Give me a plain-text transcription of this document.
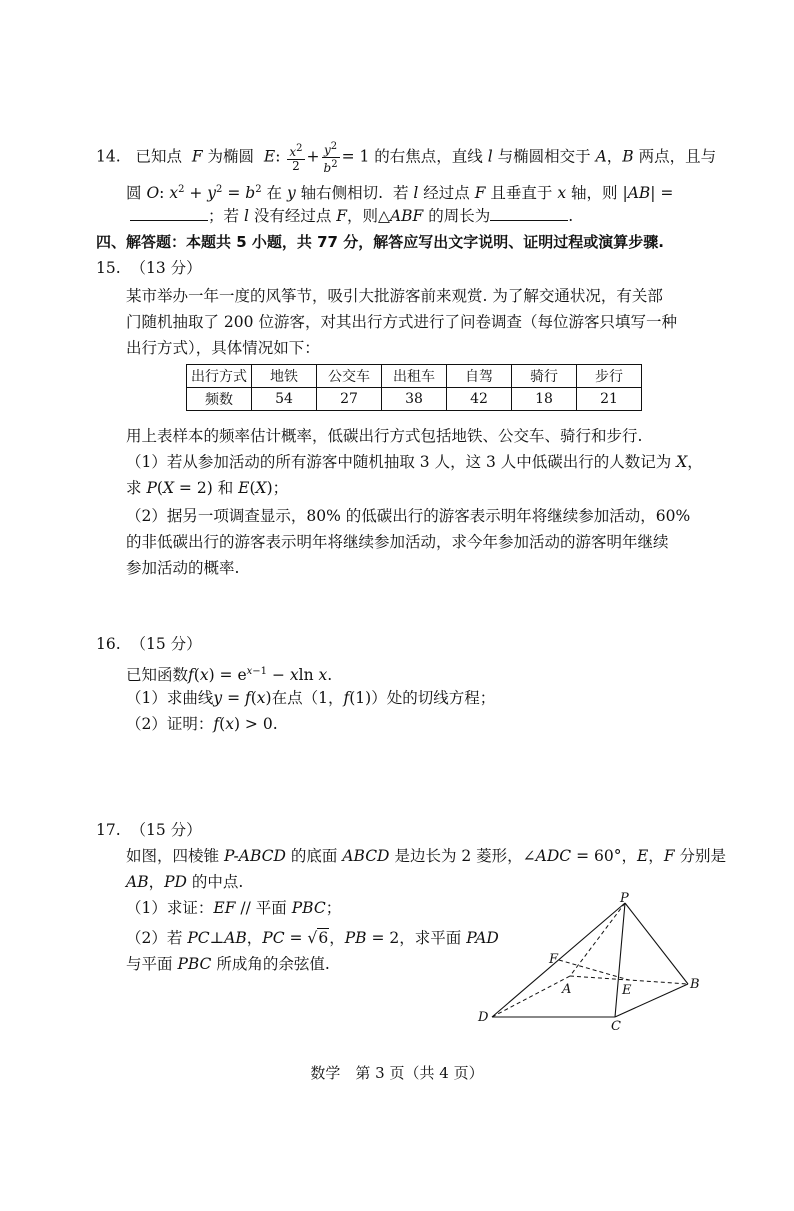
14. 已知点  F 为椭圆  E: $\frac{x^2}{2} + \frac{y^2}{b^2} = 1$ 的右焦点，直线 l 与椭圆相交于 A，B 两点，且与
圆 O: $x^2 + y^2 = b^2$ 在 y 轴右侧相切.  若 l 经过点 F 且垂直于 x 轴，则 |AB| =
；若 l 没有经过点 F，则△ABF 的周长为	.
四、解答题：本题共 5 小题，共 77 分，解答应写出文字说明、证明过程或演算步骤.
15. （13 分）
某市举办一年一度的风筝节，吸引大批游客前来观赏. 为了解交通状况，有关部
门随机抽取了 200 位游客，对其出行方式进行了问卷调查（每位游客只填写一种
出行方式），具体情况如下：
出行方式	地铁	公交车	出租车	自驾	骑行	步行
频数	54	27	38	42	18	21
用上表样本的频率估计概率，低碳出行方式包括地铁、公交车、骑行和步行.
（1）若从参加活动的所有游客中随机抽取 3 人，这 3 人中低碳出行的人数记为 X，
求 P(X = 2) 和 E(X)；
（2）据另一项调查显示，80% 的低碳出行的游客表示明年将继续参加活动，60%
的非低碳出行的游客表示明年将继续参加活动，求今年参加活动的游客明年继续
参加活动的概率.
16. （15 分）
已知函数$f(x) = e^{x-1} - xln$ x.
（1）求曲线y = f(x)在点（1，f(1)）处的切线方程；
（2）证明：f(x) > 0.
17. （15 分）
如图，四棱锥 P-ABCD 的底面 ABCD 是边长为 2 菱形，∠ADC = 60°，E，F 分别是
AB，PD 的中点.
（1）求证：EF // 平面 PBC；
（2）若 PC⊥AB，PC = √6，PB = 2，求平面 PAD
与平面 PBC 所成角的余弦值.
P
F
A	E	B
D
C
数学　第 3 页（共 4 页）
